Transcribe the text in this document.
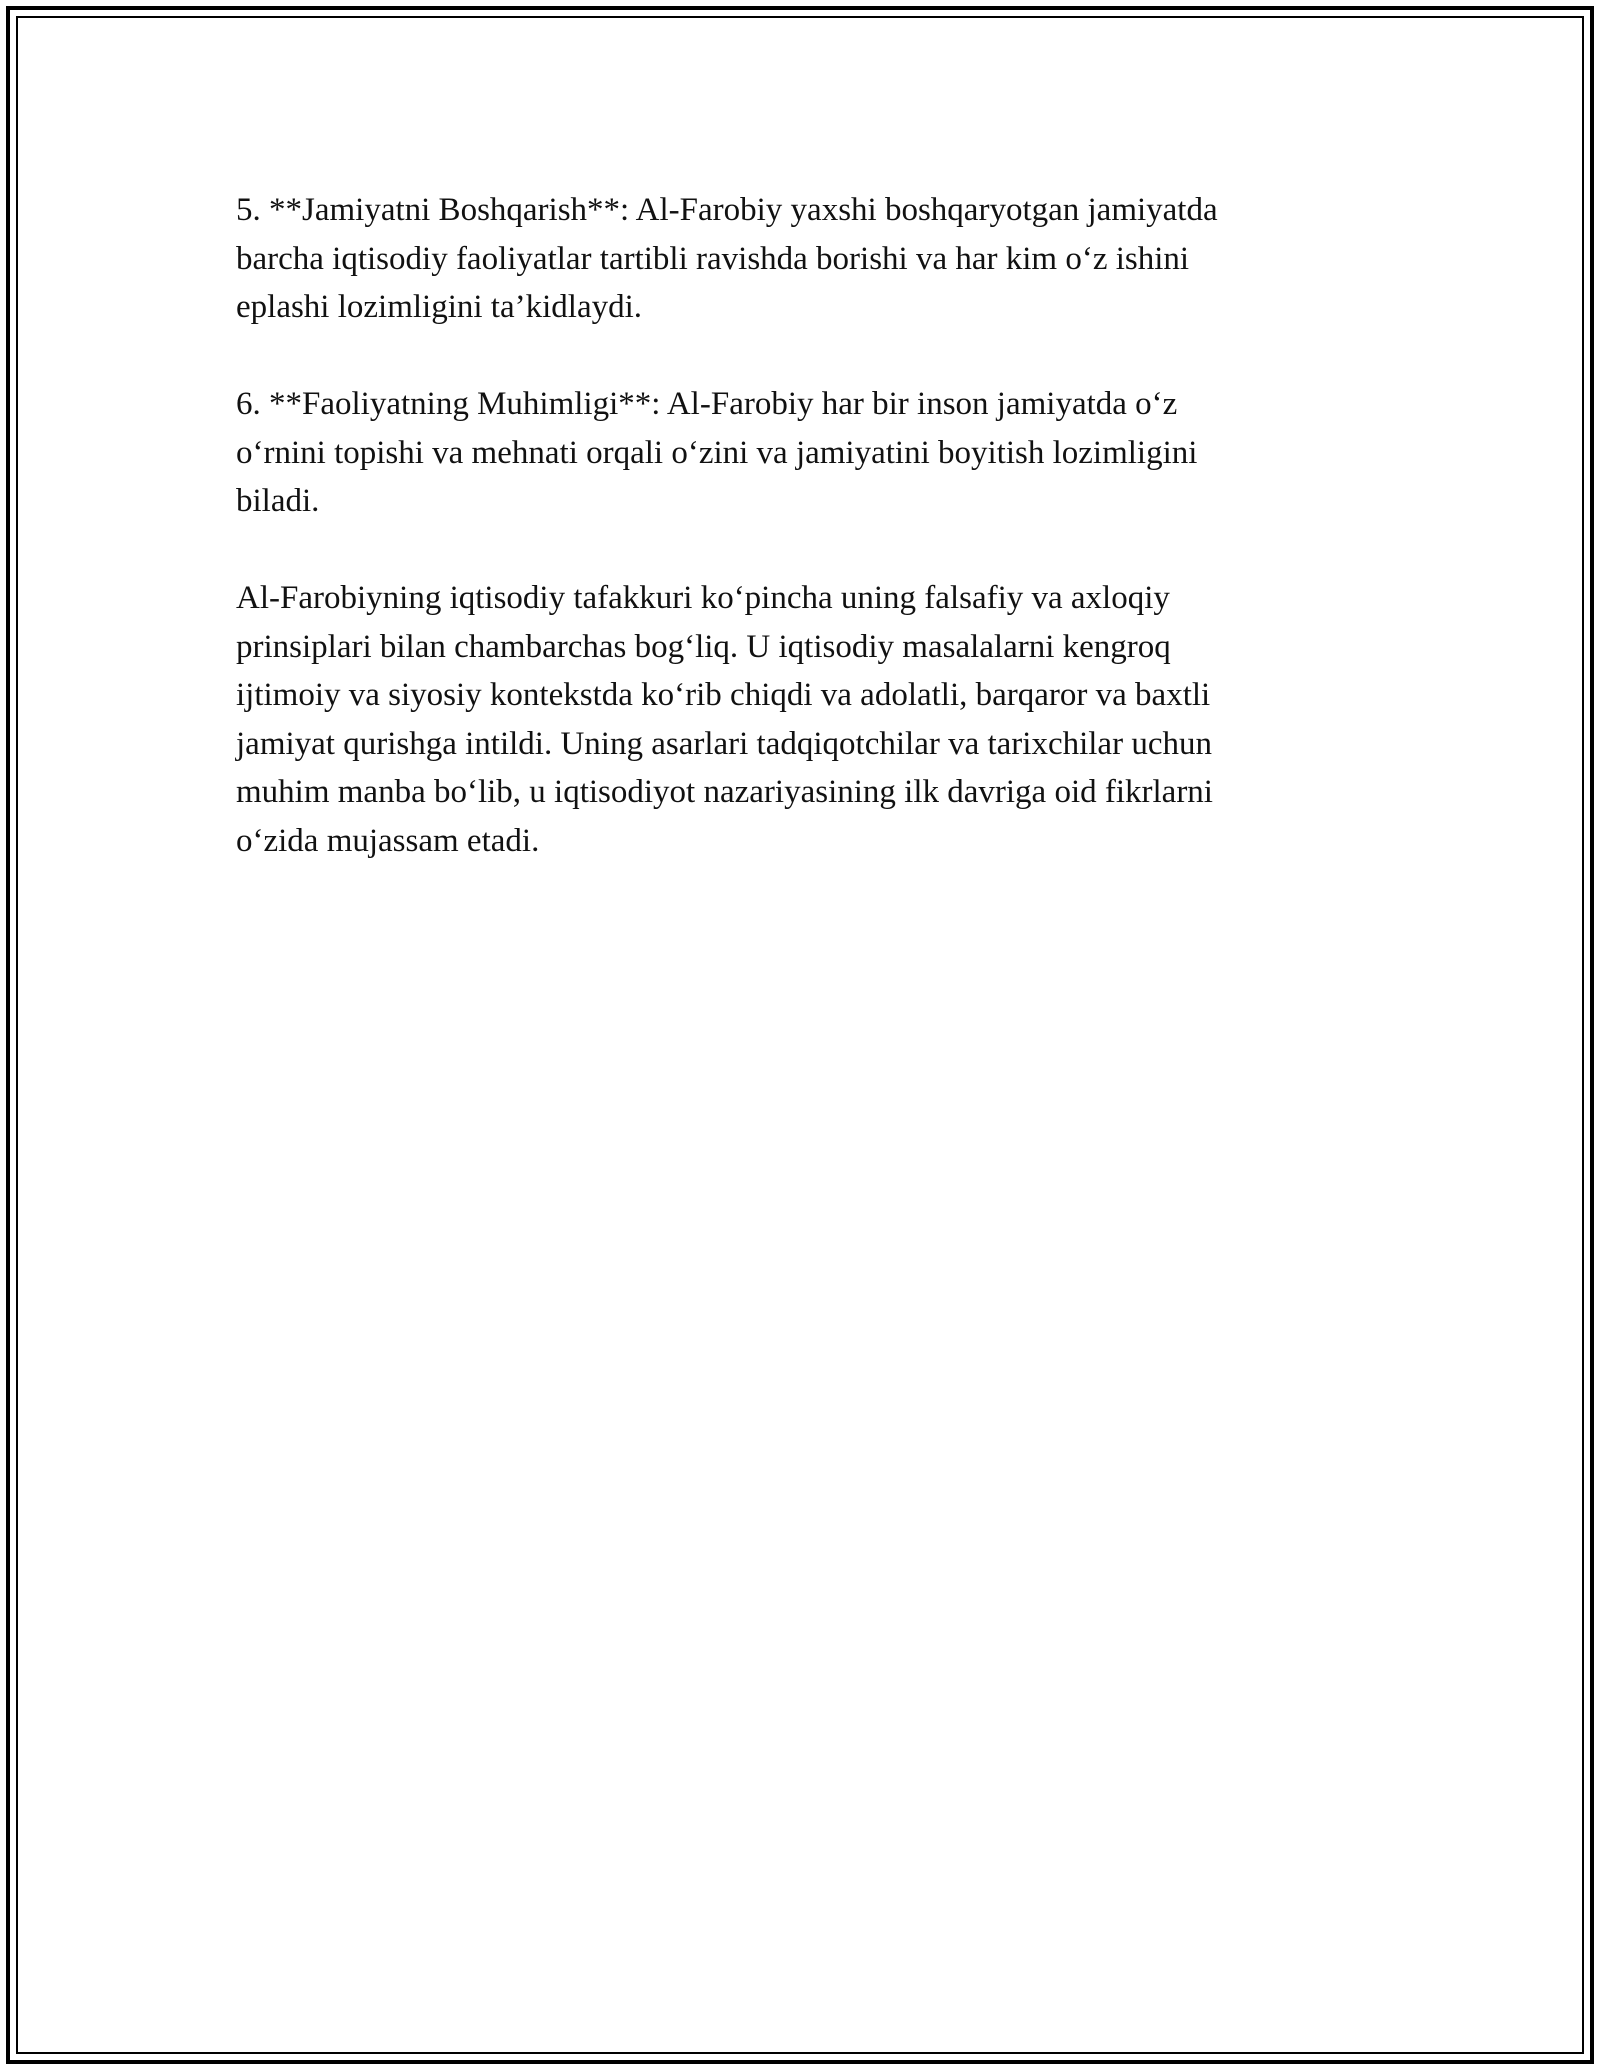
5. **Jamiyatni Boshqarish**: Al-Farobiy yaxshi boshqaryotgan jamiyatda
barcha iqtisodiy faoliyatlar tartibli ravishda borishi va har kim o‘z ishini
eplashi lozimligini ta’kidlaydi.

6. **Faoliyatning Muhimligi**: Al-Farobiy har bir inson jamiyatda o‘z
o‘rnini topishi va mehnati orqali o‘zini va jamiyatini boyitish lozimligini
biladi.

Al-Farobiyning iqtisodiy tafakkuri ko‘pincha uning falsafiy va axloqiy
prinsiplari bilan chambarchas bog‘liq. U iqtisodiy masalalarni kengroq
ijtimoiy va siyosiy kontekstda ko‘rib chiqdi va adolatli, barqaror va baxtli
jamiyat qurishga intildi. Uning asarlari tadqiqotchilar va tarixchilar uchun
muhim manba bo‘lib, u iqtisodiyot nazariyasining ilk davriga oid fikrlarni
o‘zida mujassam etadi.
